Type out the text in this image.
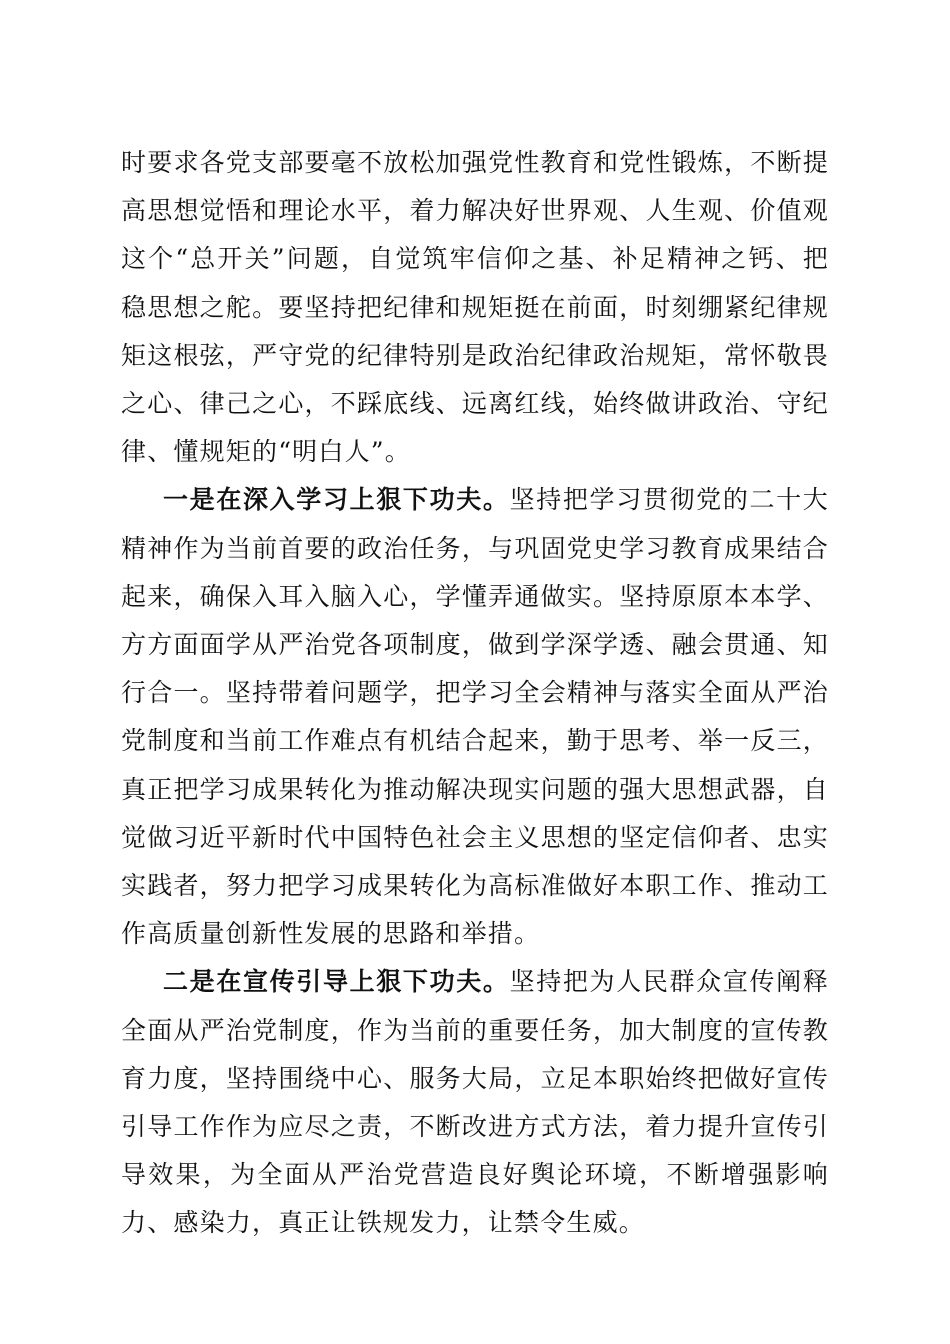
时要求各党支部要毫不放松加强党性教育和党性锻炼，不断提高思想觉悟和理论水平，着力解决好世界观、人生观、价值观这个“总开关”问题，自觉筑牢信仰之基、补足精神之钙、把稳思想之舵。要坚持把纪律和规矩挺在前面，时刻绷紧纪律规矩这根弦，严守党的纪律特别是政治纪律政治规矩，常怀敬畏之心、律己之心，不踩底线、远离红线，始终做讲政治、守纪律、懂规矩的“明白人”。

一是在深入学习上狠下功夫。坚持把学习贯彻党的二十大精神作为当前首要的政治任务，与巩固党史学习教育成果结合起来，确保入耳入脑入心，学懂弄通做实。坚持原原本本学、方方面面学从严治党各项制度，做到学深学透、融会贯通、知行合一。坚持带着问题学，把学习全会精神与落实全面从严治党制度和当前工作难点有机结合起来，勤于思考、举一反三，真正把学习成果转化为推动解决现实问题的强大思想武器，自觉做习近平新时代中国特色社会主义思想的坚定信仰者、忠实实践者，努力把学习成果转化为高标准做好本职工作、推动工作高质量创新性发展的思路和举措。

二是在宣传引导上狠下功夫。坚持把为人民群众宣传阐释全面从严治党制度，作为当前的重要任务，加大制度的宣传教育力度，坚持围绕中心、服务大局，立足本职始终把做好宣传引导工作作为应尽之责，不断改进方式方法，着力提升宣传引导效果，为全面从严治党营造良好舆论环境，不断增强影响力、感染力，真正让铁规发力，让禁令生威。
